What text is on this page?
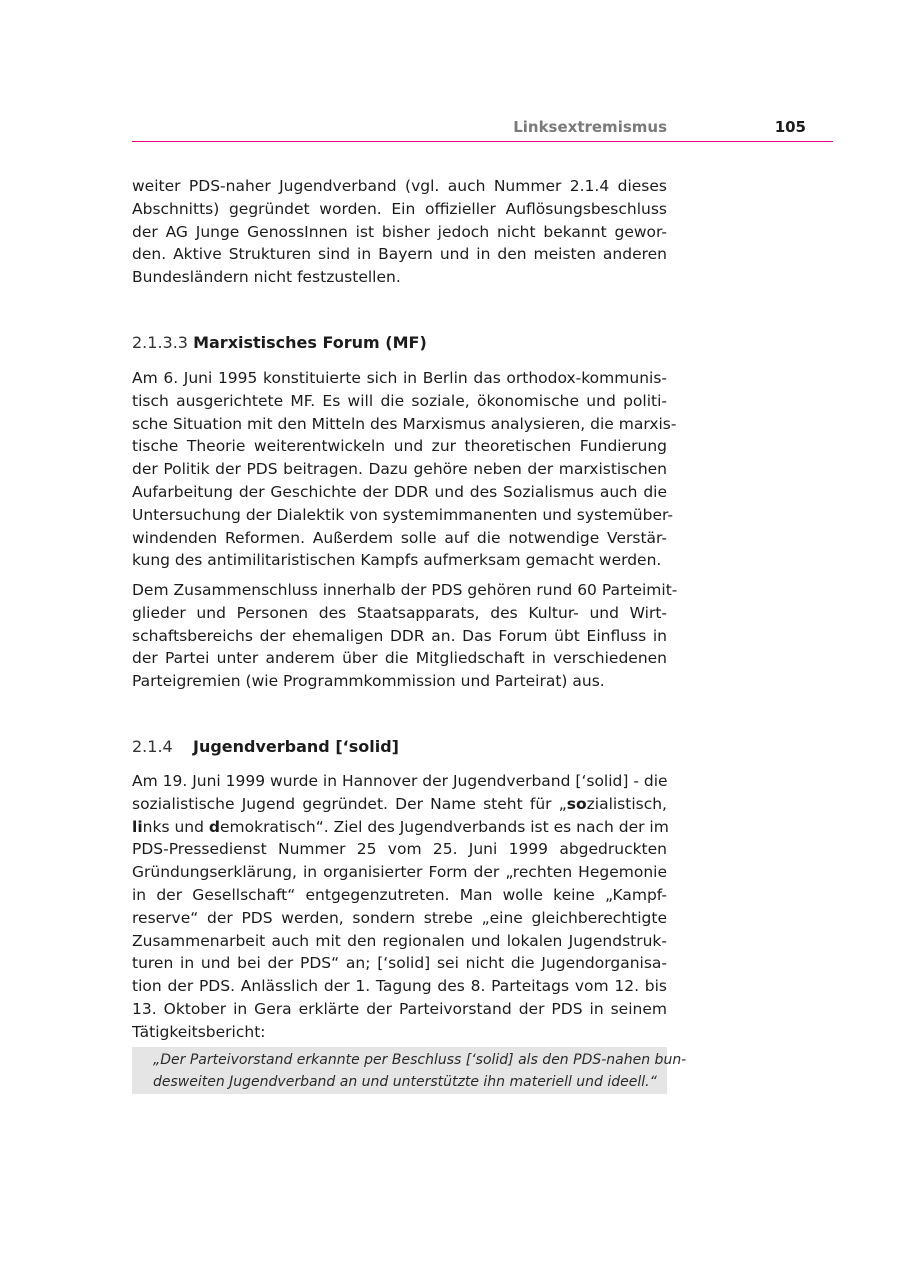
Linksextremismus	105
weiter PDS-naher Jugendverband (vgl. auch Nummer 2.1.4 dieses
Abschnitts) gegründet worden. Ein offizieller Auflösungsbeschluss
der AG Junge GenossInnen ist bisher jedoch nicht bekannt gewor-
den. Aktive Strukturen sind in Bayern und in den meisten anderen
Bundesländern nicht festzustellen.
2.1.3.3 Marxistisches Forum (MF)
Am 6. Juni 1995 konstituierte sich in Berlin das orthodox-kommunis-
tisch ausgerichtete MF. Es will die soziale, ökonomische und politi-
sche Situation mit den Mitteln des Marxismus analysieren, die marxis-
tische Theorie weiterentwickeln und zur theoretischen Fundierung
der Politik der PDS beitragen. Dazu gehöre neben der marxistischen
Aufarbeitung der Geschichte der DDR und des Sozialismus auch die
Untersuchung der Dialektik von systemimmanenten und systemüber-
windenden Reformen. Außerdem solle auf die notwendige Verstär-
kung des antimilitaristischen Kampfs aufmerksam gemacht werden.
Dem Zusammenschluss innerhalb der PDS gehören rund 60 Parteimit-
glieder und Personen des Staatsapparats, des Kultur- und Wirt-
schaftsbereichs der ehemaligen DDR an. Das Forum übt Einfluss in
der Partei unter anderem über die Mitgliedschaft in verschiedenen
Parteigremien (wie Programmkommission und Parteirat) aus.
2.1.4 Jugendverband [‘solid]
Am 19. Juni 1999 wurde in Hannover der Jugendverband [‘solid] - die
sozialistische Jugend gegründet. Der Name steht für „sozialistisch,
links und demokratisch“. Ziel des Jugendverbands ist es nach der im
PDS-Pressedienst Nummer 25 vom 25. Juni 1999 abgedruckten
Gründungserklärung, in organisierter Form der „rechten Hegemonie
in der Gesellschaft“ entgegenzutreten. Man wolle keine „Kampf-
reserve“ der PDS werden, sondern strebe „eine gleichberechtigte
Zusammenarbeit auch mit den regionalen und lokalen Jugendstruk-
turen in und bei der PDS“ an; [‘solid] sei nicht die Jugendorganisa-
tion der PDS. Anlässlich der 1. Tagung des 8. Parteitags vom 12. bis
13. Oktober in Gera erklärte der Parteivorstand der PDS in seinem
Tätigkeitsbericht:
„Der Parteivorstand erkannte per Beschluss [‘solid] als den PDS-nahen bun-
desweiten Jugendverband an und unterstützte ihn materiell und ideell.“
